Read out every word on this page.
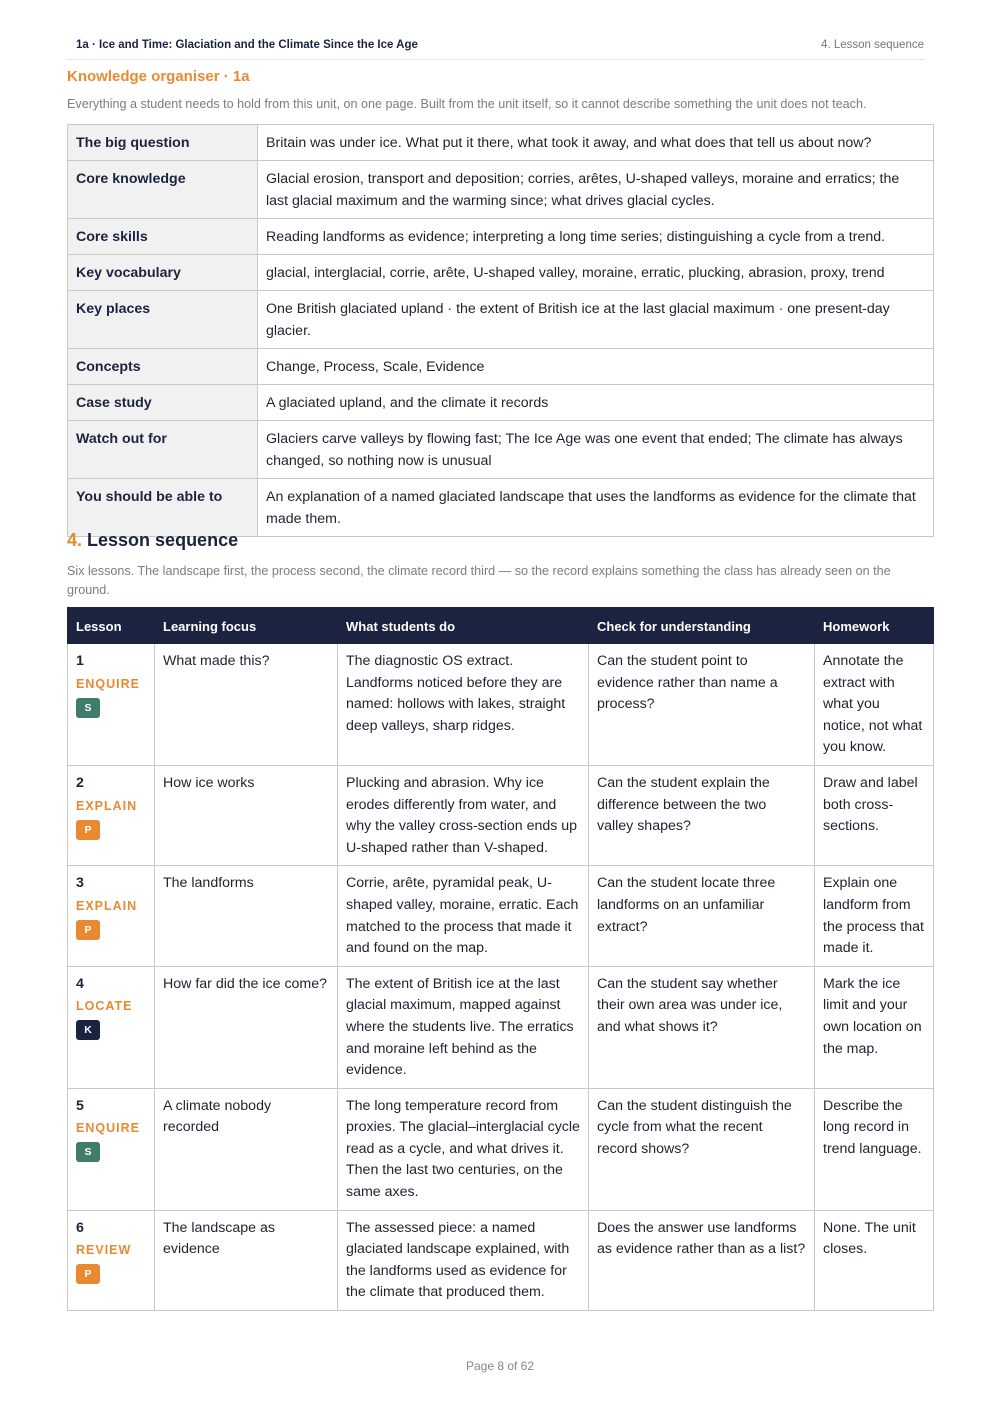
1a · Ice and Time: Glaciation and the Climate Since the Ice Age	4. Lesson sequence
Knowledge organiser · 1a
Everything a student needs to hold from this unit, on one page. Built from the unit itself, so it cannot describe something the unit does not teach.
The big question	Britain was under ice. What put it there, what took it away, and what does that tell us about now?
Core knowledge	Glacial erosion, transport and deposition; corries, arêtes, U-shaped valleys, moraine and erratics; the last glacial maximum and the warming since; what drives glacial cycles.
Core skills	Reading landforms as evidence; interpreting a long time series; distinguishing a cycle from a trend.
Key vocabulary	glacial, interglacial, corrie, arête, U-shaped valley, moraine, erratic, plucking, abrasion, proxy, trend
Key places	One British glaciated upland · the extent of British ice at the last glacial maximum · one present-day glacier.
Concepts	Change, Process, Scale, Evidence
Case study	A glaciated upland, and the climate it records
Watch out for	Glaciers carve valleys by flowing fast; The Ice Age was one event that ended; The climate has always changed, so nothing now is unusual
You should be able to	An explanation of a named glaciated landscape that uses the landforms as evidence for the climate that made them.
4. Lesson sequence
Six lessons. The landscape first, the process second, the climate record third — so the record explains something the class has already seen on the ground.
Lesson	Learning focus	What students do	Check for understanding	Homework

1
ENQUIRE
S	What made this?	The diagnostic OS extract. Landforms noticed before they are named: hollows with lakes, straight deep valleys, sharp ridges.	Can the student point to evidence rather than name a process?	Annotate the extract with what you notice, not what you know.

2
EXPLAIN
P	How ice works	Plucking and abrasion. Why ice erodes differently from water, and why the valley cross-section ends up U-shaped rather than V-shaped.	Can the student explain the difference between the two valley shapes?	Draw and label both cross-sections.

3
EXPLAIN
P	The landforms	Corrie, arête, pyramidal peak, U-shaped valley, moraine, erratic. Each matched to the process that made it and found on the map.	Can the student locate three landforms on an unfamiliar extract?	Explain one landform from the process that made it.

4
LOCATE
K	How far did the ice come?	The extent of British ice at the last glacial maximum, mapped against where the students live. The erratics and moraine left behind as the evidence.	Can the student say whether their own area was under ice, and what shows it?	Mark the ice limit and your own location on the map.

5
ENQUIRE
S	A climate nobody recorded	The long temperature record from proxies. The glacial–interglacial cycle read as a cycle, and what drives it. Then the last two centuries, on the same axes.	Can the student distinguish the cycle from what the recent record shows?	Describe the long record in trend language.

6
REVIEW
P	The landscape as evidence	The assessed piece: a named glaciated landscape explained, with the landforms used as evidence for the climate that produced them.	Does the answer use landforms as evidence rather than as a list?	None. The unit closes.
Page 8 of 62
